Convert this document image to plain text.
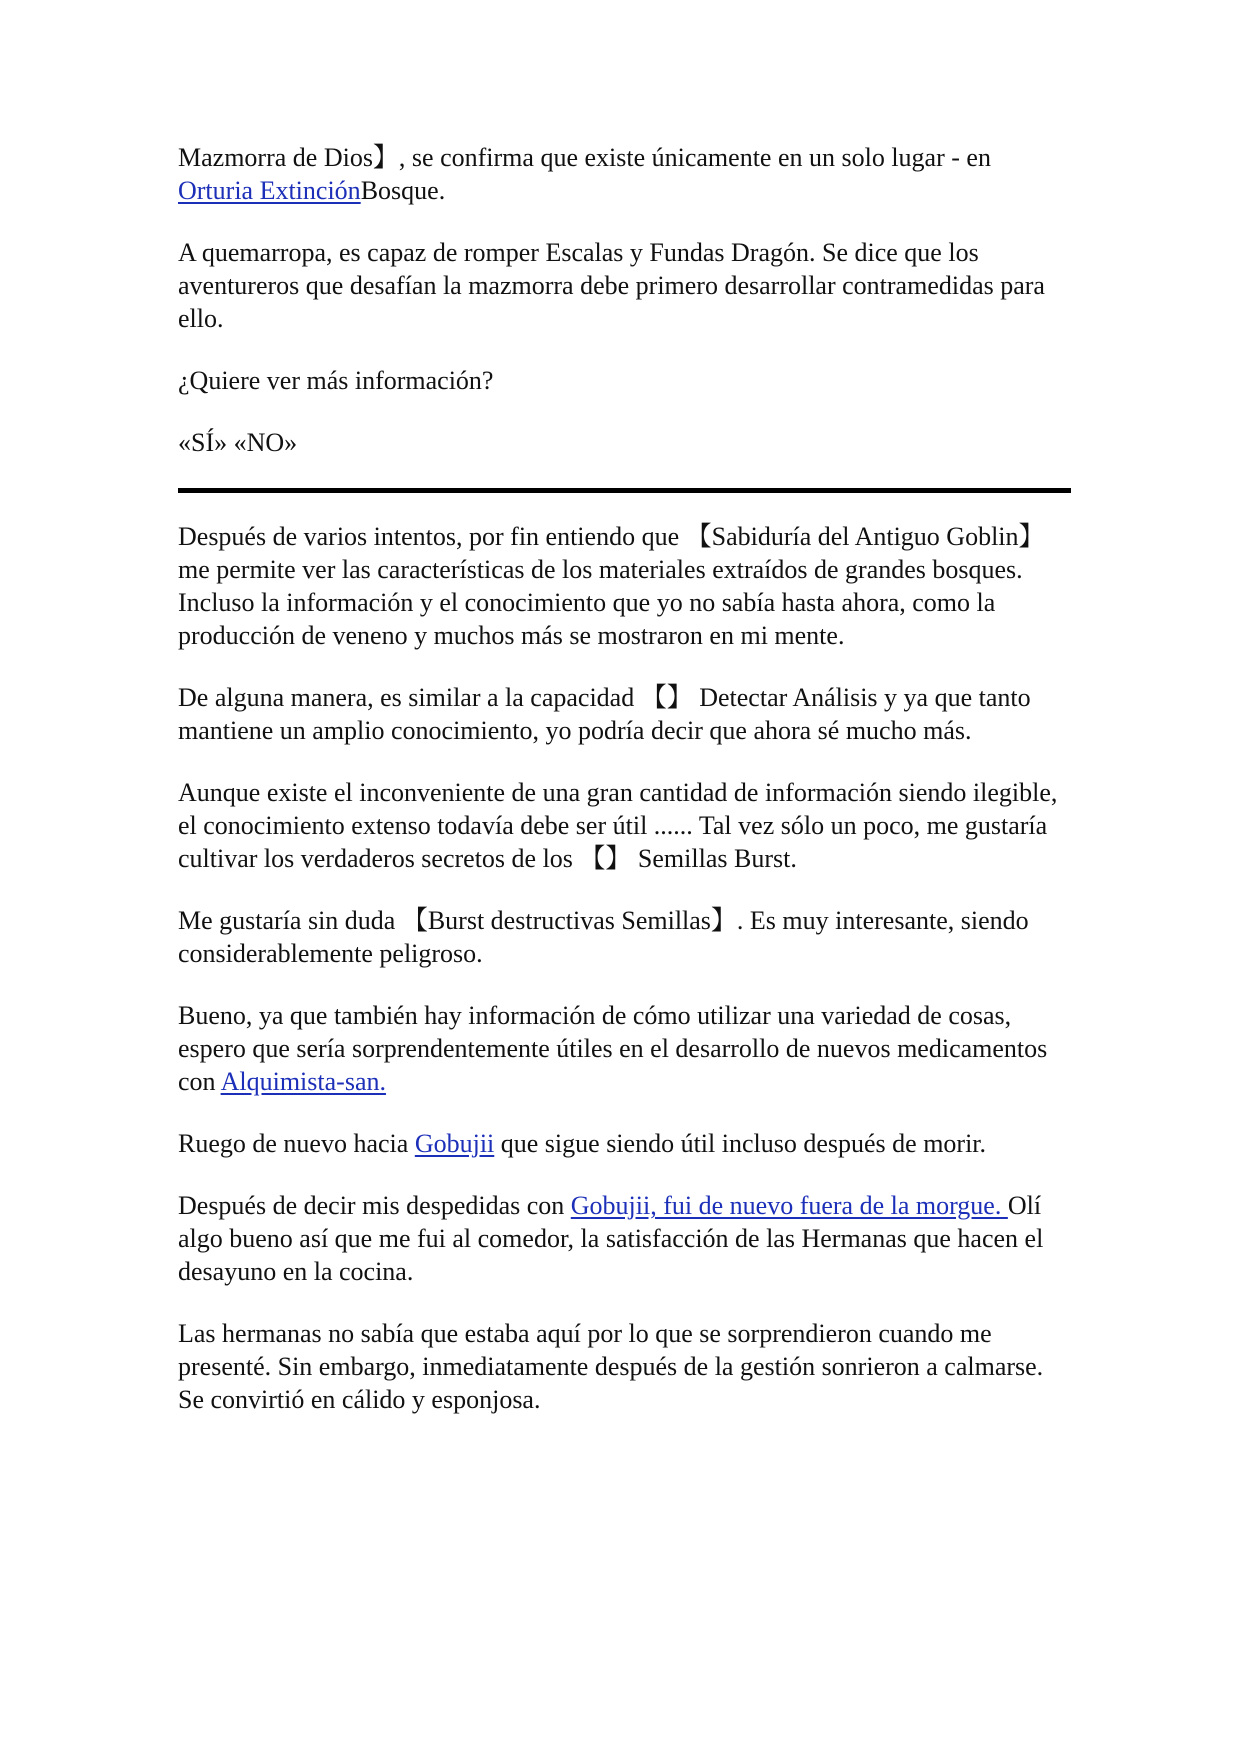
Mazmorra de Dios】, se confirma que existe únicamente en un solo lugar - en Orturia ExtinciónBosque.

A quemarropa, es capaz de romper Escalas y Fundas Dragón. Se dice que los aventureros que desafían la mazmorra debe primero desarrollar contramedidas para ello.

¿Quiere ver más información?

«SÍ» «NO»

Después de varios intentos, por fin entiendo que 【Sabiduría del Antiguo Goblin】 me permite ver las características de los materiales extraídos de grandes bosques. Incluso la información y el conocimiento que yo no sabía hasta ahora, como la producción de veneno y muchos más se mostraron en mi mente.

De alguna manera, es similar a la capacidad 【】 Detectar Análisis y ya que tanto mantiene un amplio conocimiento, yo podría decir que ahora sé mucho más.

Aunque existe el inconveniente de una gran cantidad de información siendo ilegible, el conocimiento extenso todavía debe ser útil ...... Tal vez sólo un poco, me gustaría cultivar los verdaderos secretos de los 【】 Semillas Burst.

Me gustaría sin duda 【Burst destructivas Semillas】. Es muy interesante, siendo considerablemente peligroso.

Bueno, ya que también hay información de cómo utilizar una variedad de cosas, espero que sería sorprendentemente útiles en el desarrollo de nuevos medicamentos con Alquimista-san.

Ruego de nuevo hacia Gobujii que sigue siendo útil incluso después de morir.

Después de decir mis despedidas con Gobujii, fui de nuevo fuera de la morgue. Olí algo bueno así que me fui al comedor, la satisfacción de las Hermanas que hacen el desayuno en la cocina.

Las hermanas no sabía que estaba aquí por lo que se sorprendieron cuando me presenté. Sin embargo, inmediatamente después de la gestión sonrieron a calmarse. Se convirtió en cálido y esponjosa.
